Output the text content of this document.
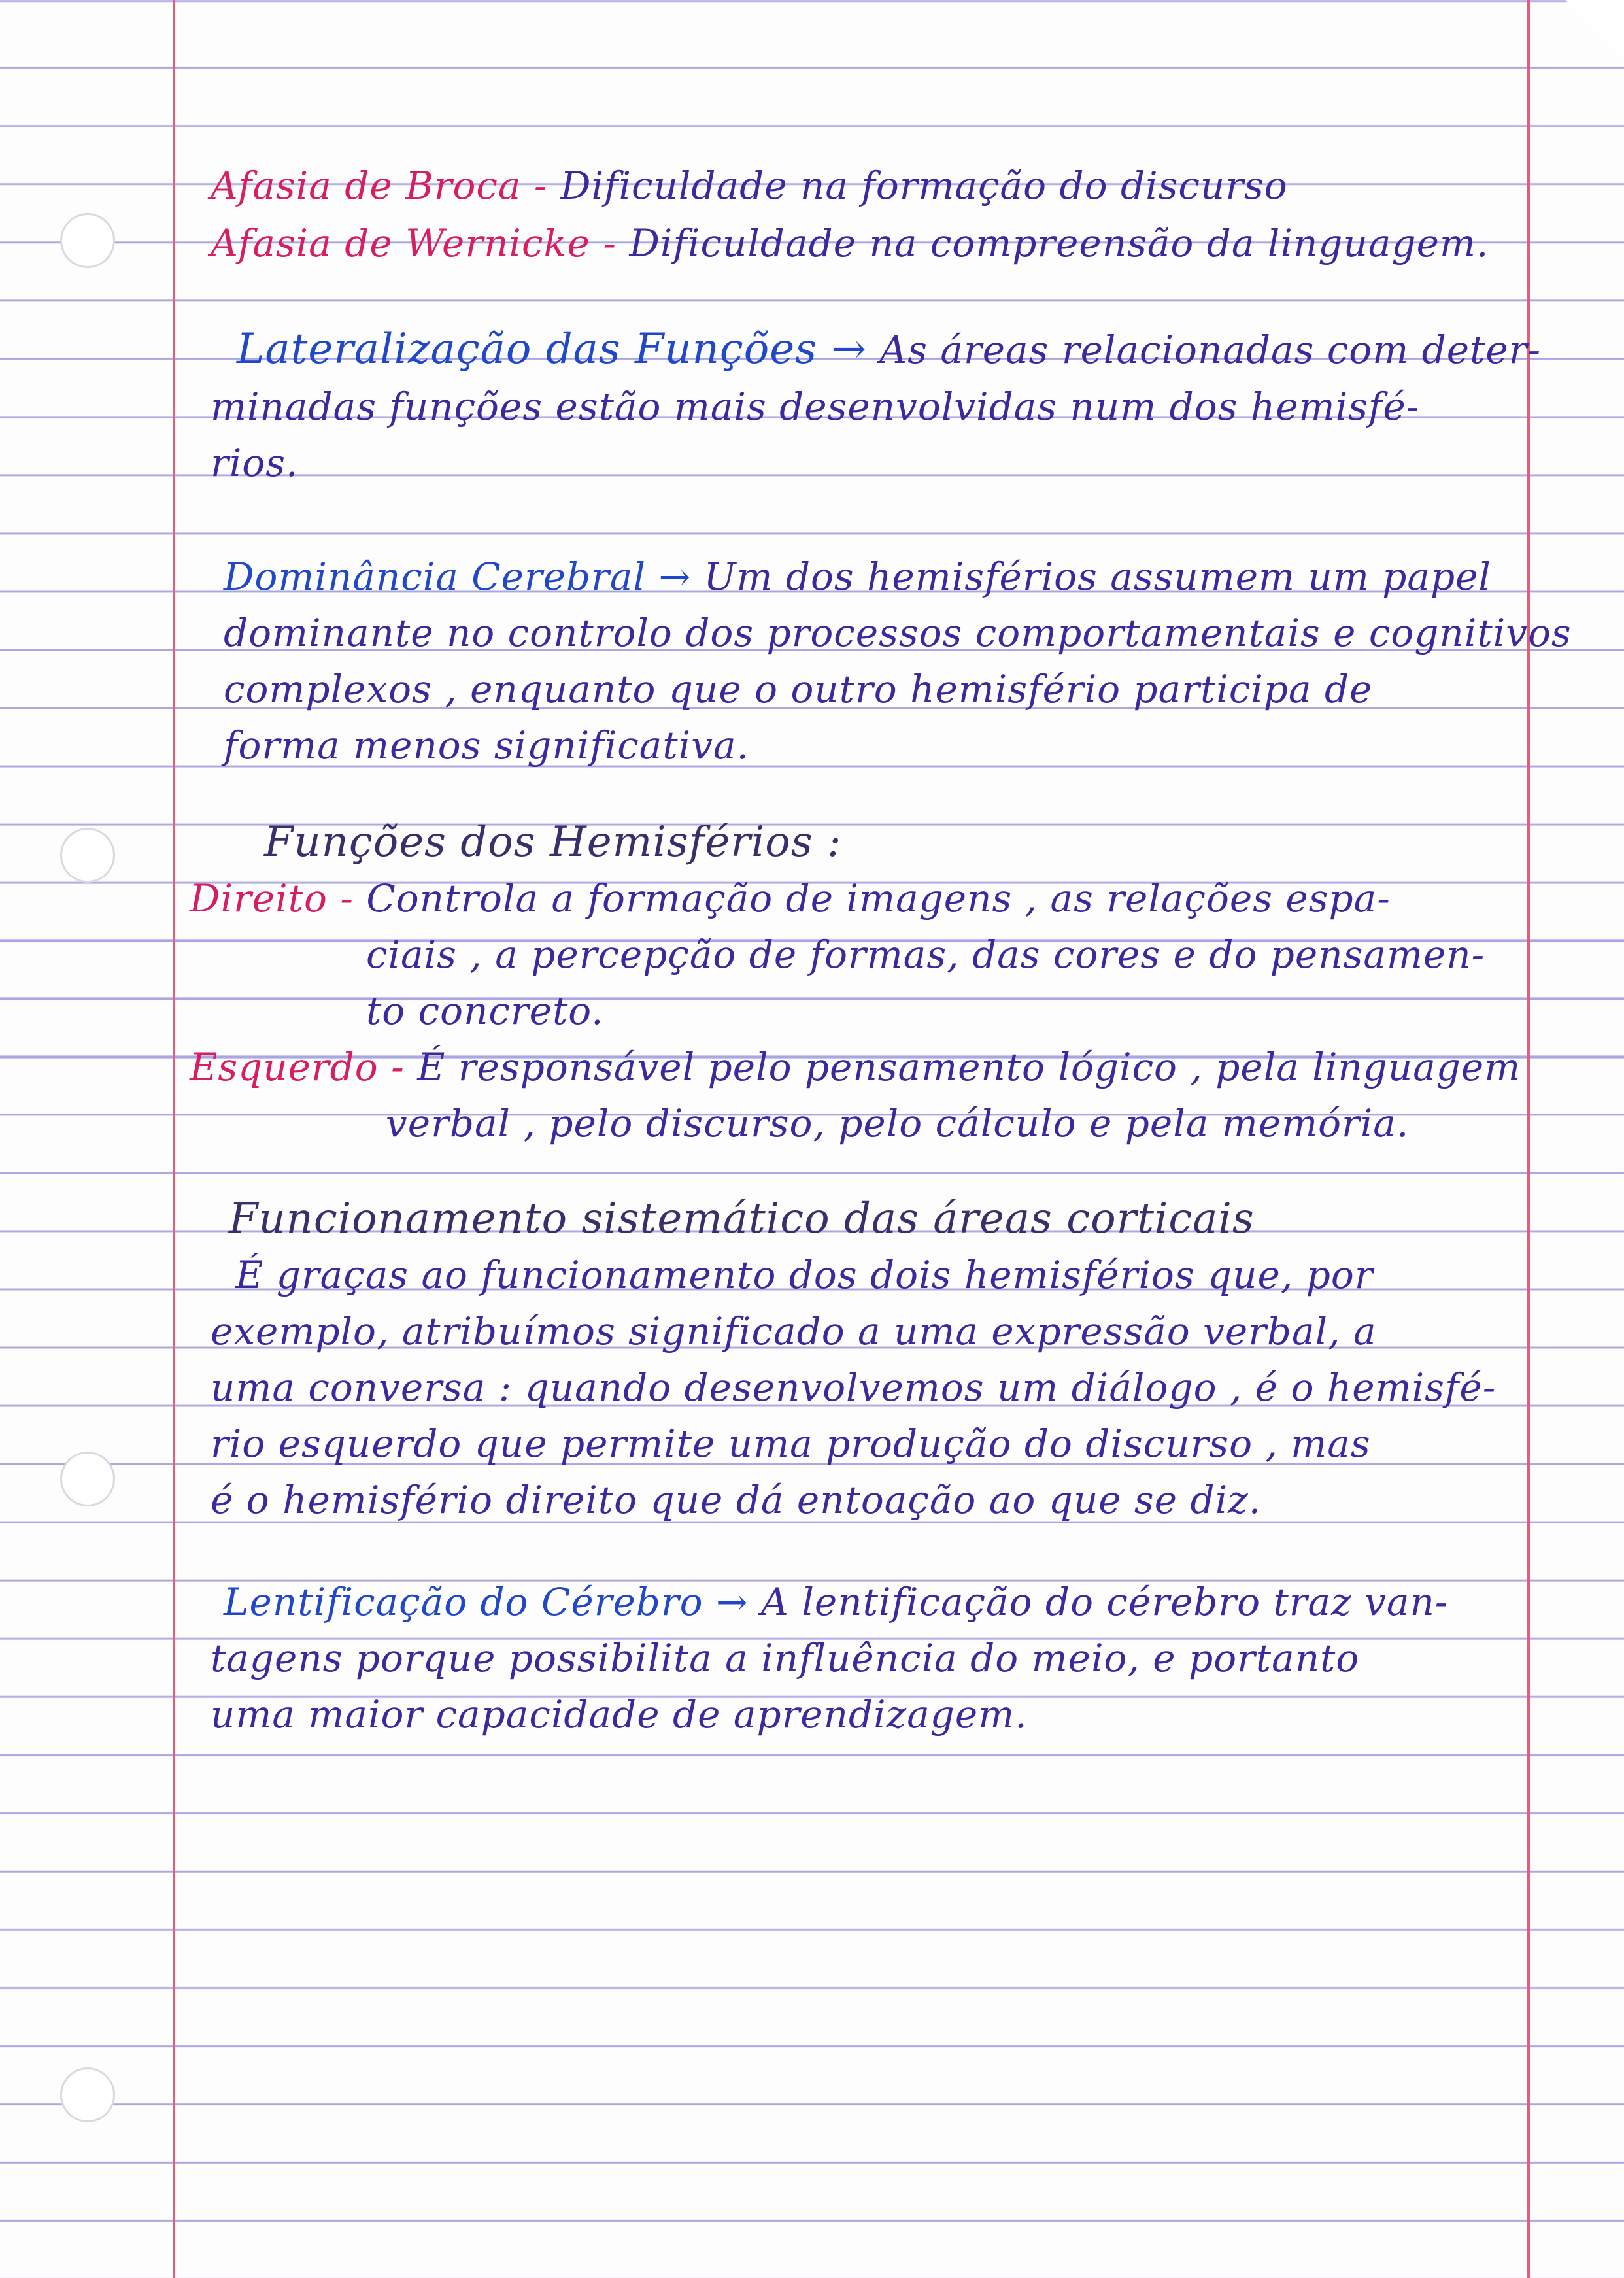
Afasia de Broca - Dificuldade na formação do discurso
Afasia de Wernicke - Dificuldade na compreensão da linguagem.
Lateralização das Funções → As áreas relacionadas com deter-
minadas funções estão mais desenvolvidas num dos hemisfé-
rios.
Dominância Cerebral → Um dos hemisférios assumem um papel
dominante no controlo dos processos comportamentais e cognitivos
complexos , enquanto que o outro hemisfério participa de
forma menos significativa.
Funções dos Hemisférios :
Direito - Controla a formação de imagens , as relações espa-
ciais , a percepção de formas, das cores e do pensamen-
to concreto.
Esquerdo - É responsável pelo pensamento lógico , pela linguagem
verbal , pelo discurso, pelo cálculo e pela memória.
Funcionamento sistemático das áreas corticais
É graças ao funcionamento dos dois hemisférios que, por
exemplo, atribuímos significado a uma expressão verbal, a
uma conversa : quando desenvolvemos um diálogo , é o hemisfé-
rio esquerdo que permite uma produção do discurso , mas
é o hemisfério direito que dá entoação ao que se diz.
Lentificação do Cérebro → A lentificação do cérebro traz van-
tagens porque possibilita a influência do meio, e portanto
uma maior capacidade de aprendizagem.
